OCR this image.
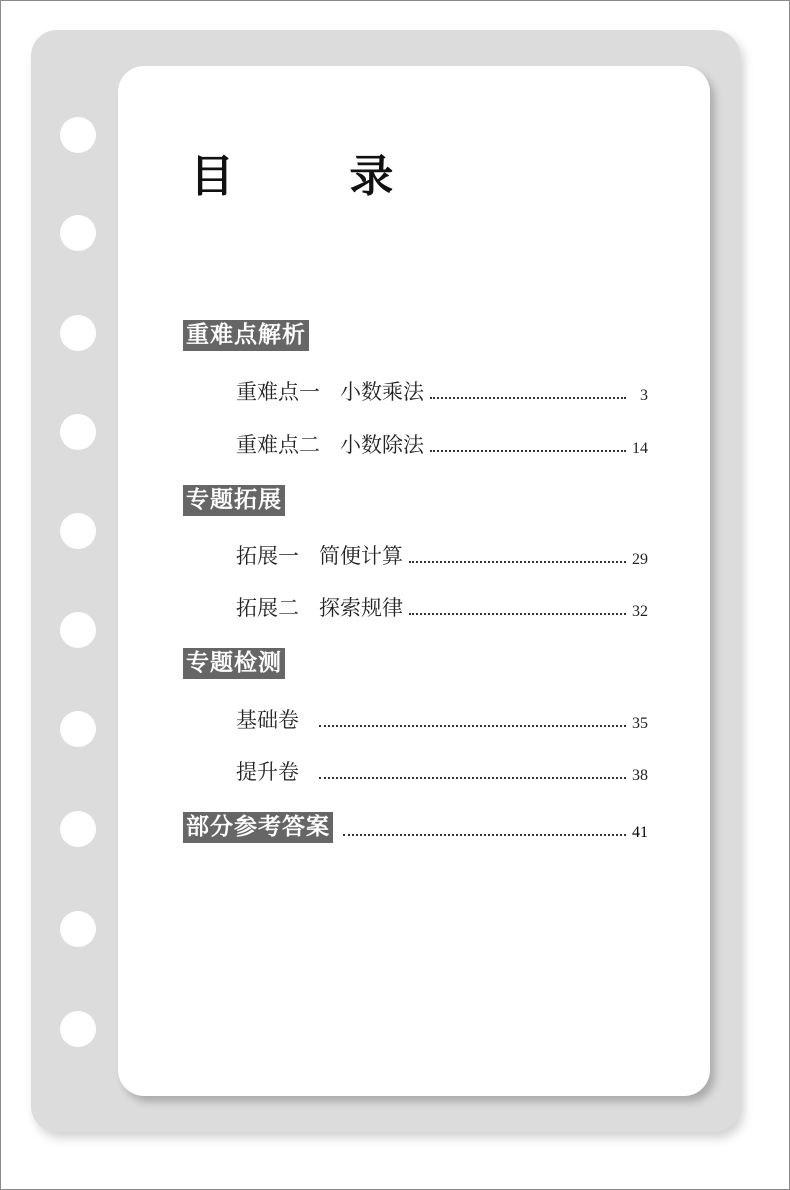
目 录
重难点解析
重难点一   小数乘法	3
重难点二   小数除法	14
专题拓展
拓展一   简便计算	29
拓展二   探索规律	32
专题检测
基础卷	35
提升卷	38
部分参考答案	41
